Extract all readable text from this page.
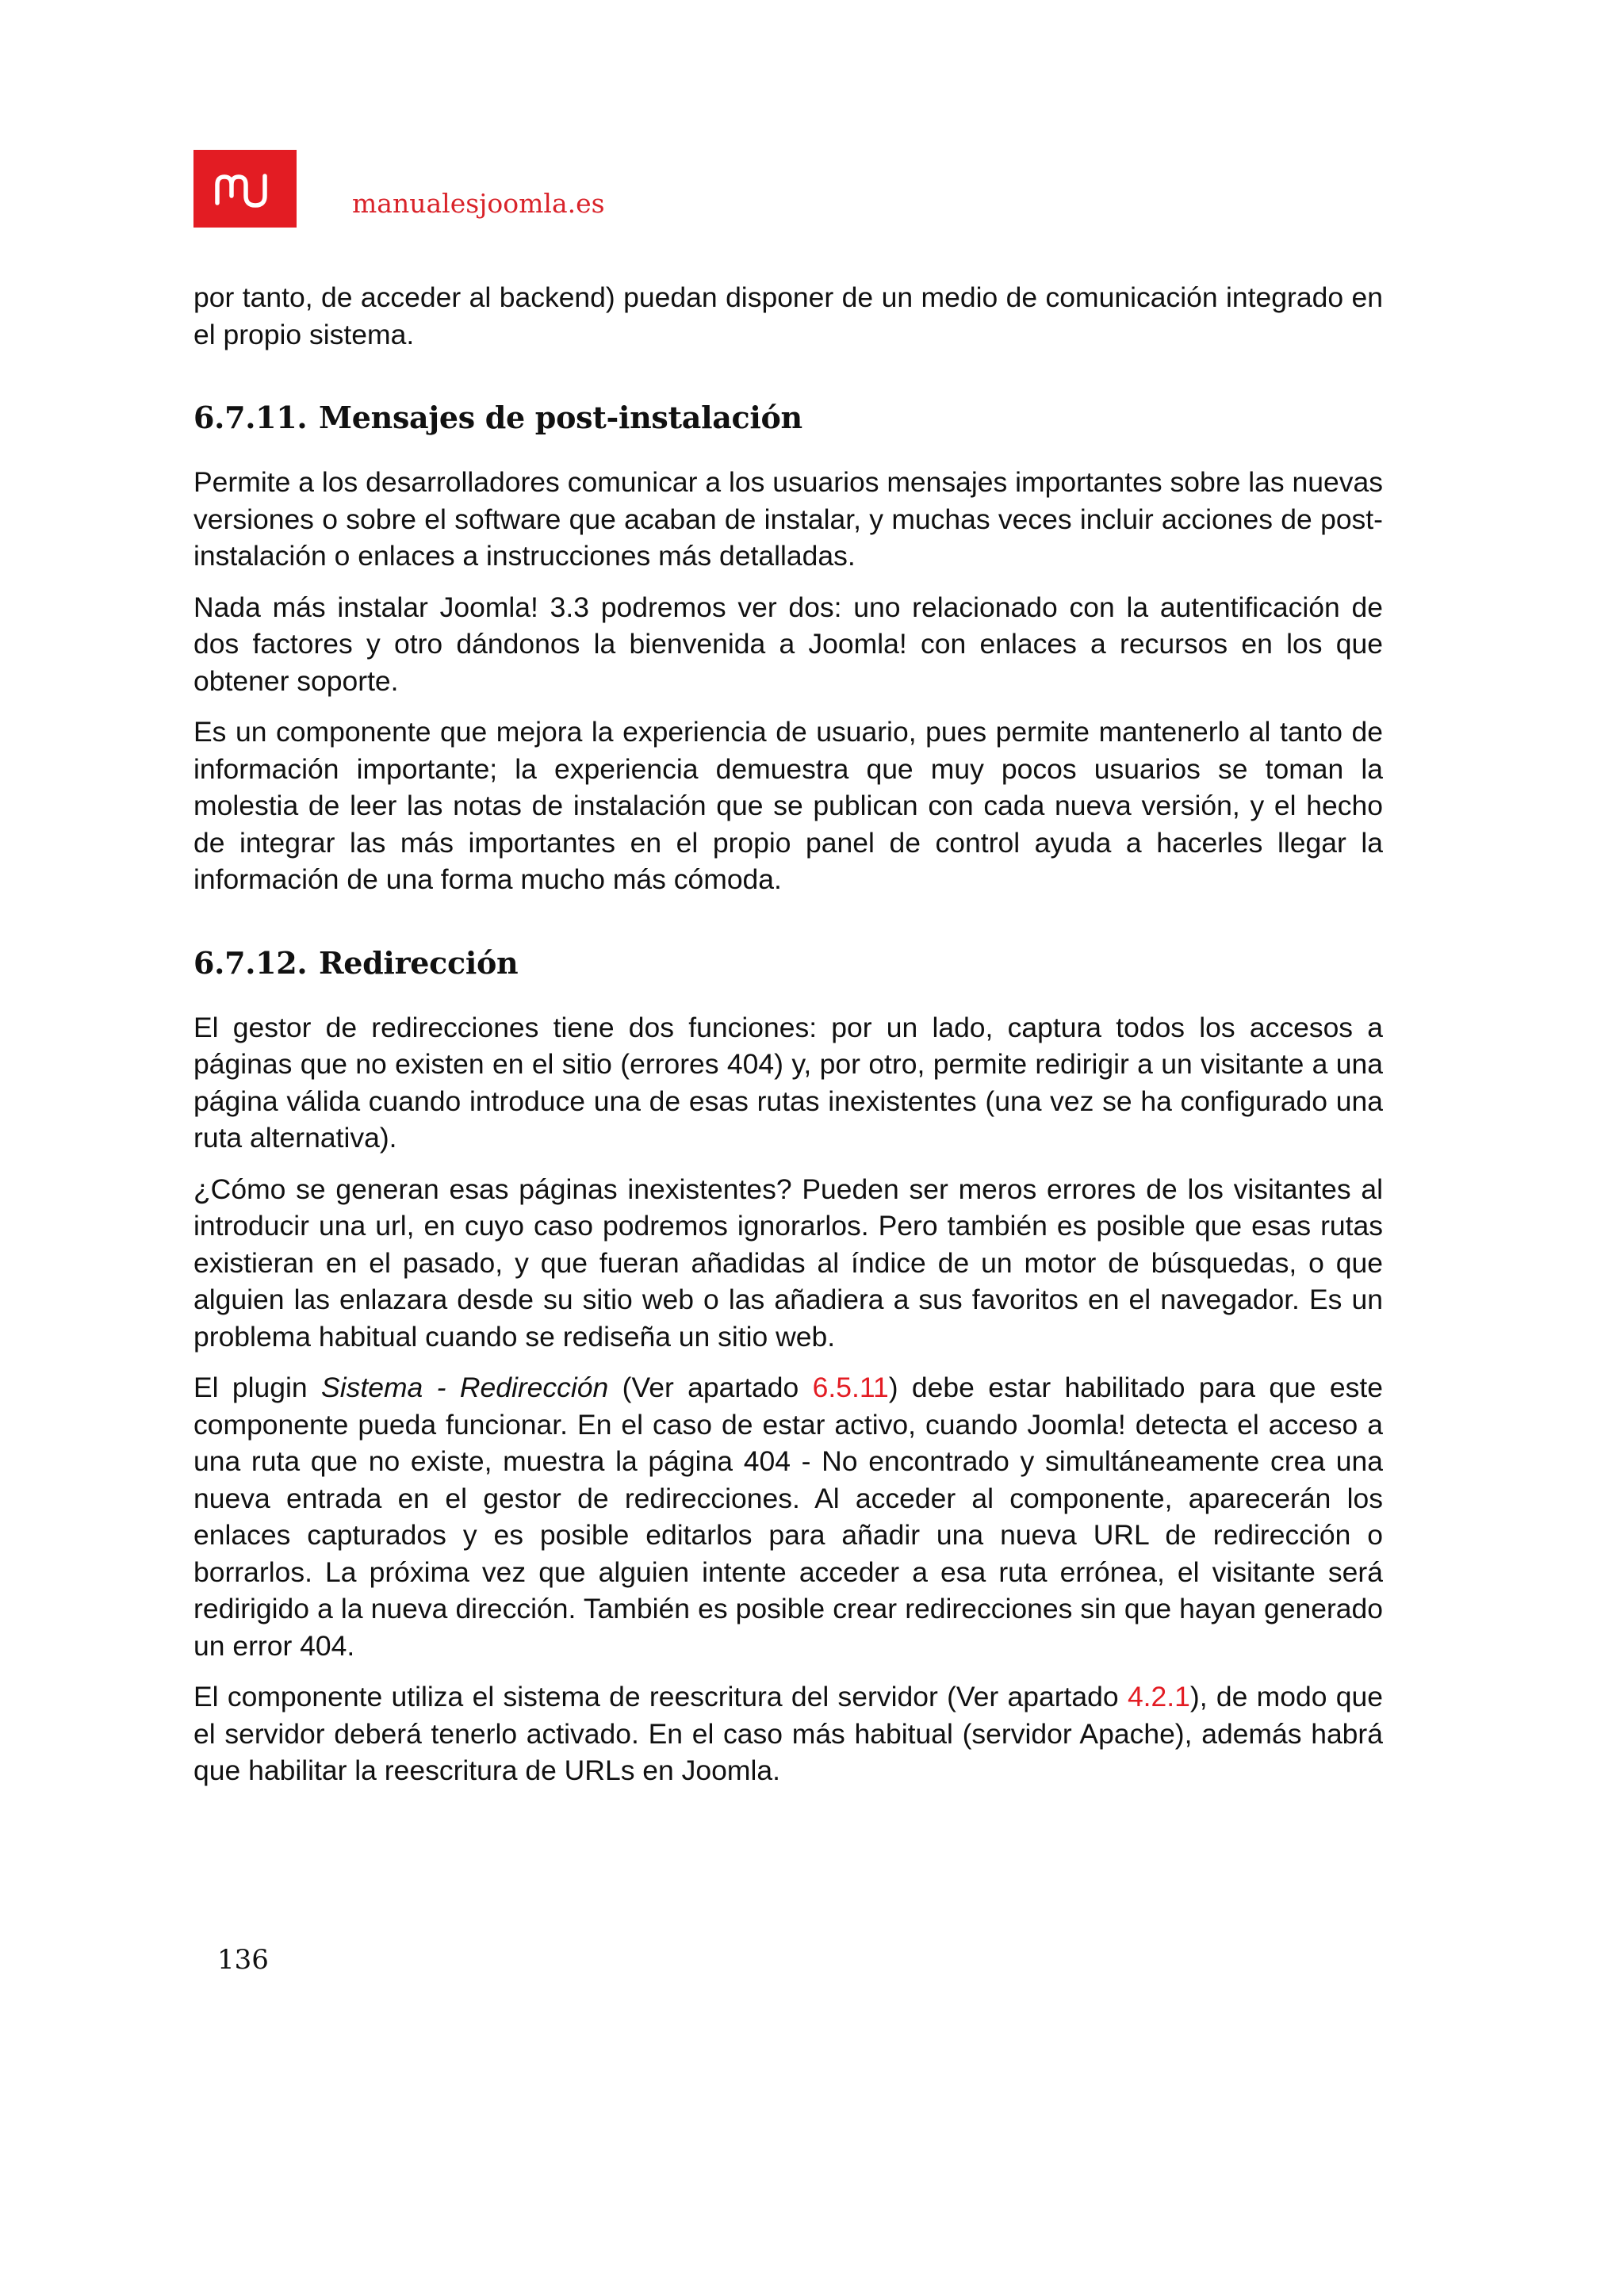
manualesjoomla.es

por tanto, de acceder al backend) puedan disponer de un medio de comunicación integrado en el propio sistema.

6.7.11. Mensajes de post-instalación

Permite a los desarrolladores comunicar a los usuarios mensajes importantes sobre las nuevas versiones o sobre el software que acaban de instalar, y muchas veces incluir acciones de post-instalación o enlaces a instrucciones más detalladas.

Nada más instalar Joomla! 3.3 podremos ver dos: uno relacionado con la autentificación de dos factores y otro dándonos la bienvenida a Joomla! con enlaces a recursos en los que obtener soporte.

Es un componente que mejora la experiencia de usuario, pues permite mantenerlo al tanto de información importante; la experiencia demuestra que muy pocos usuarios se toman la molestia de leer las notas de instalación que se publican con cada nueva versión, y el hecho de integrar las más importantes en el propio panel de control ayuda a hacerles llegar la información de una forma mucho más cómoda.

6.7.12. Redirección

El gestor de redirecciones tiene dos funciones: por un lado, captura todos los accesos a páginas que no existen en el sitio (errores 404) y, por otro, permite redirigir a un visitante a una página válida cuando introduce una de esas rutas inexistentes (una vez se ha configurado una ruta alternativa).

¿Cómo se generan esas páginas inexistentes? Pueden ser meros errores de los visitantes al introducir una url, en cuyo caso podremos ignorarlos. Pero también es posible que esas rutas existieran en el pasado, y que fueran añadidas al índice de un motor de búsquedas, o que alguien las enlazara desde su sitio web o las añadiera a sus favoritos en el navegador. Es un problema habitual cuando se rediseña un sitio web.

El plugin Sistema - Redirección (Ver apartado 6.5.11) debe estar habilitado para que este componente pueda funcionar. En el caso de estar activo, cuando Joomla! detecta el acceso a una ruta que no existe, muestra la página 404 - No encontrado y simultáneamente crea una nueva entrada en el gestor de redirecciones. Al acceder al componente, aparecerán los enlaces capturados y es posible editarlos para añadir una nueva URL de redirección o borrarlos. La próxima vez que alguien intente acceder a esa ruta errónea, el visitante será redirigido a la nueva dirección. También es posible crear redirecciones sin que hayan generado un error 404.

El componente utiliza el sistema de reescritura del servidor (Ver apartado 4.2.1), de modo que el servidor deberá tenerlo activado. En el caso más habitual (servidor Apache), además habrá que habilitar la reescritura de URLs en Joomla.

136
